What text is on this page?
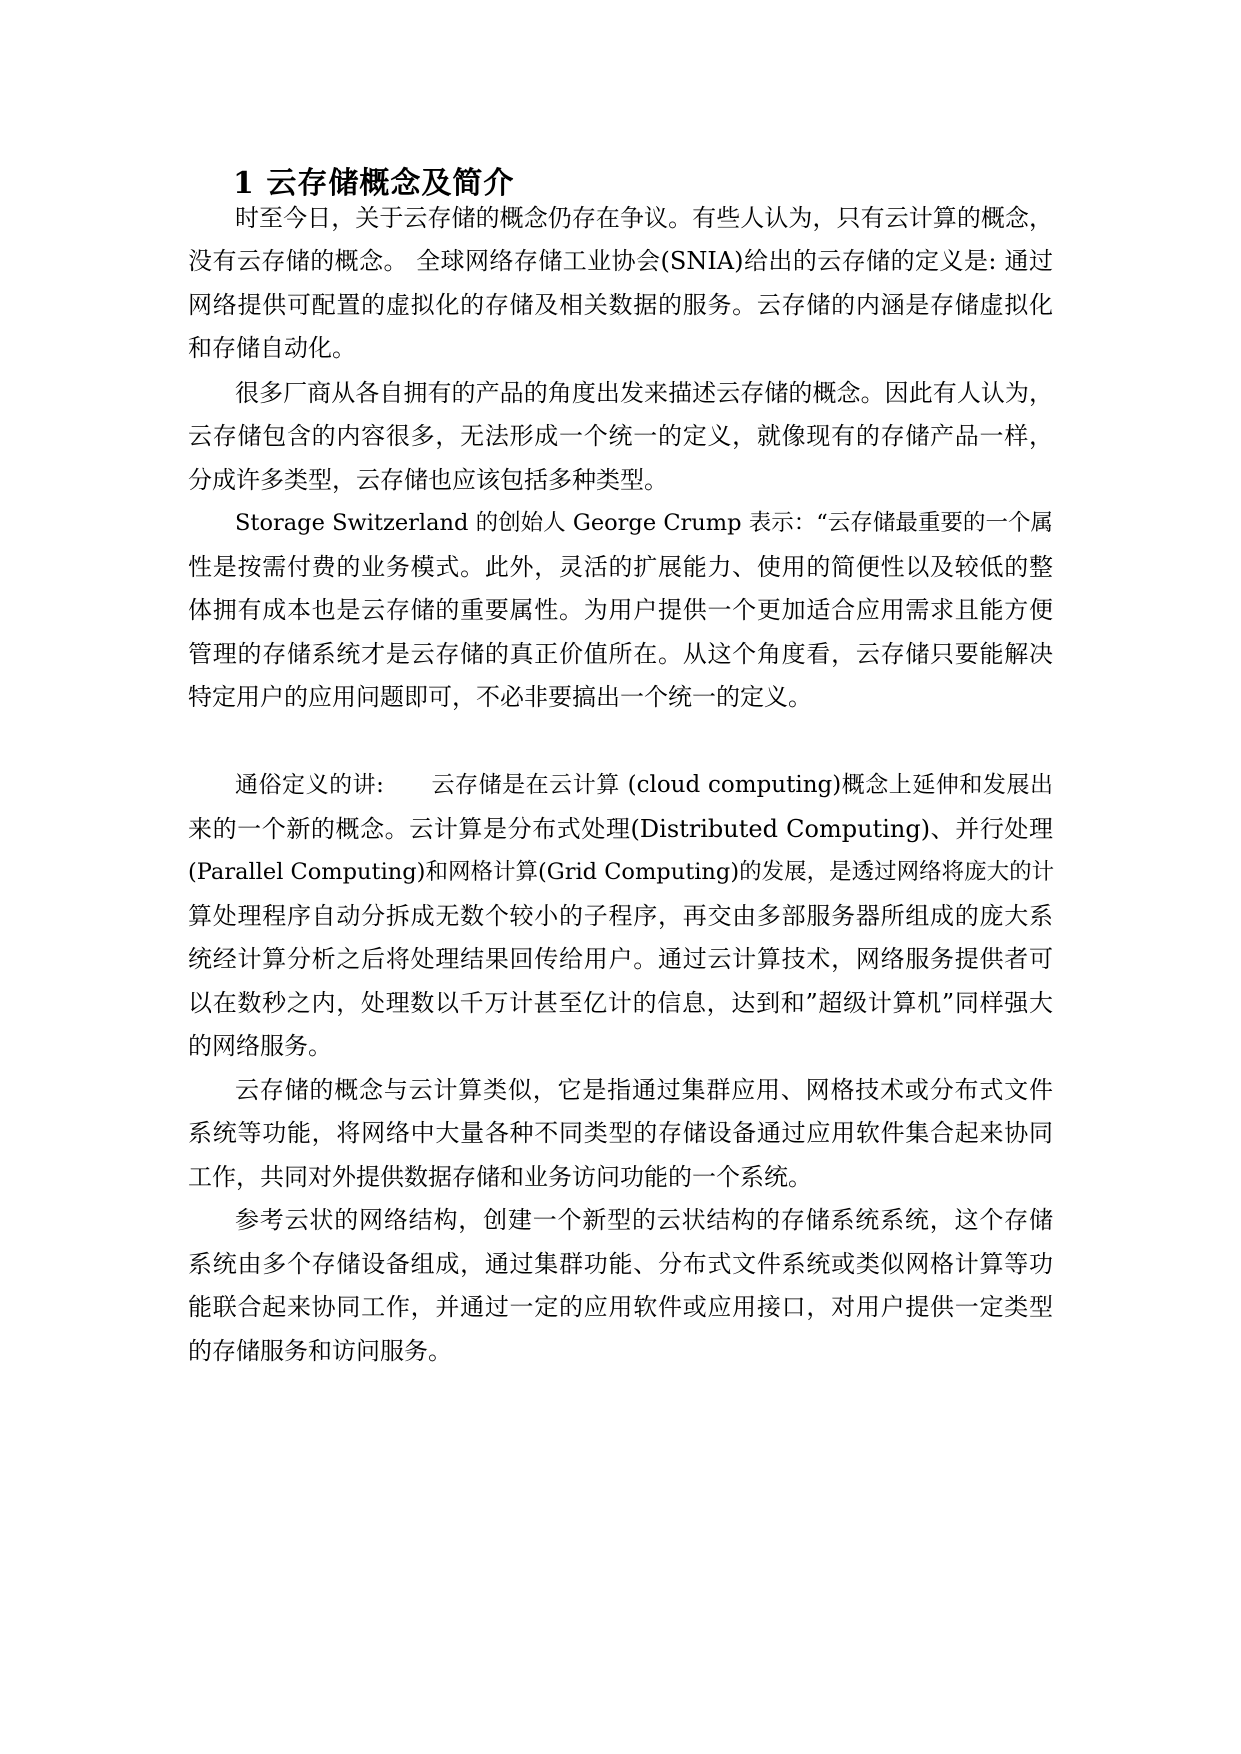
1 云存储概念及简介
时至今日，关于云存储的概念仍存在争议。有些人认为，只有云计算的概念，
没有云存储的概念。 全球网络存储工业协会(SNIA)给出的云存储的定义是: 通过
网络提供可配置的虚拟化的存储及相关数据的服务。云存储的内涵是存储虚拟化
和存储自动化。
很多厂商从各自拥有的产品的角度出发来描述云存储的概念。因此有人认为，
云存储包含的内容很多，无法形成一个统一的定义，就像现有的存储产品一样，
分成许多类型，云存储也应该包括多种类型。
Storage Switzerland 的创始人 George Crump 表示：“云存储最重要的一个属
性是按需付费的业务模式。此外，灵活的扩展能力、使用的简便性以及较低的整
体拥有成本也是云存储的重要属性。为用户提供一个更加适合应用需求且能方便
管理的存储系统才是云存储的真正价值所在。从这个角度看，云存储只要能解决
特定用户的应用问题即可，不必非要搞出一个统一的定义。
通俗定义的讲:　　云存储是在云计算 (cloud computing)概念上延伸和发展出
来的一个新的概念。云计算是分布式处理(Distributed Computing)、并行处理
(Parallel Computing)和网格计算(Grid Computing)的发展，是透过网络将庞大的计
算处理程序自动分拆成无数个较小的子程序，再交由多部服务器所组成的庞大系
统经计算分析之后将处理结果回传给用户。通过云计算技术，网络服务提供者可
以在数秒之内，处理数以千万计甚至亿计的信息，达到和”超级计算机”同样强大
的网络服务。
云存储的概念与云计算类似，它是指通过集群应用、网格技术或分布式文件
系统等功能，将网络中大量各种不同类型的存储设备通过应用软件集合起来协同
工作，共同对外提供数据存储和业务访问功能的一个系统。
参考云状的网络结构，创建一个新型的云状结构的存储系统系统，这个存储
系统由多个存储设备组成，通过集群功能、分布式文件系统或类似网格计算等功
能联合起来协同工作，并通过一定的应用软件或应用接口，对用户提供一定类型
的存储服务和访问服务。
